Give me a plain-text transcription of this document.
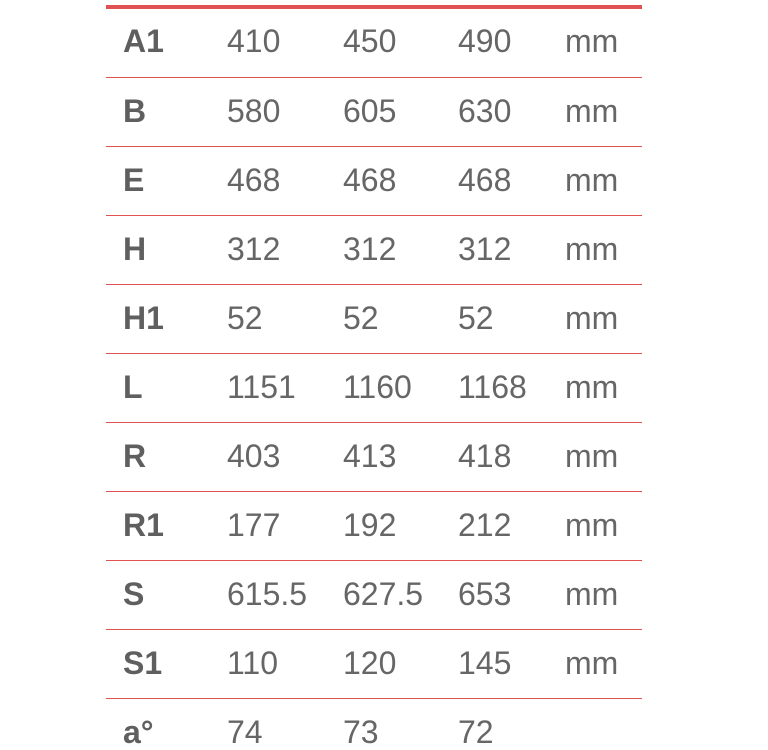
A1 410 450 490 mm
B	580 605 630 mm
E	468 468 468 mm
H	312 312 312 mm
H1 52	52 52 mm
L	1151 1160 1168 mm
R	403 413 418 mm
R1 177 192 212 mm
S	615.5 627.5 653 mm
S1 110 120 145 mm
a° 74	73 72
